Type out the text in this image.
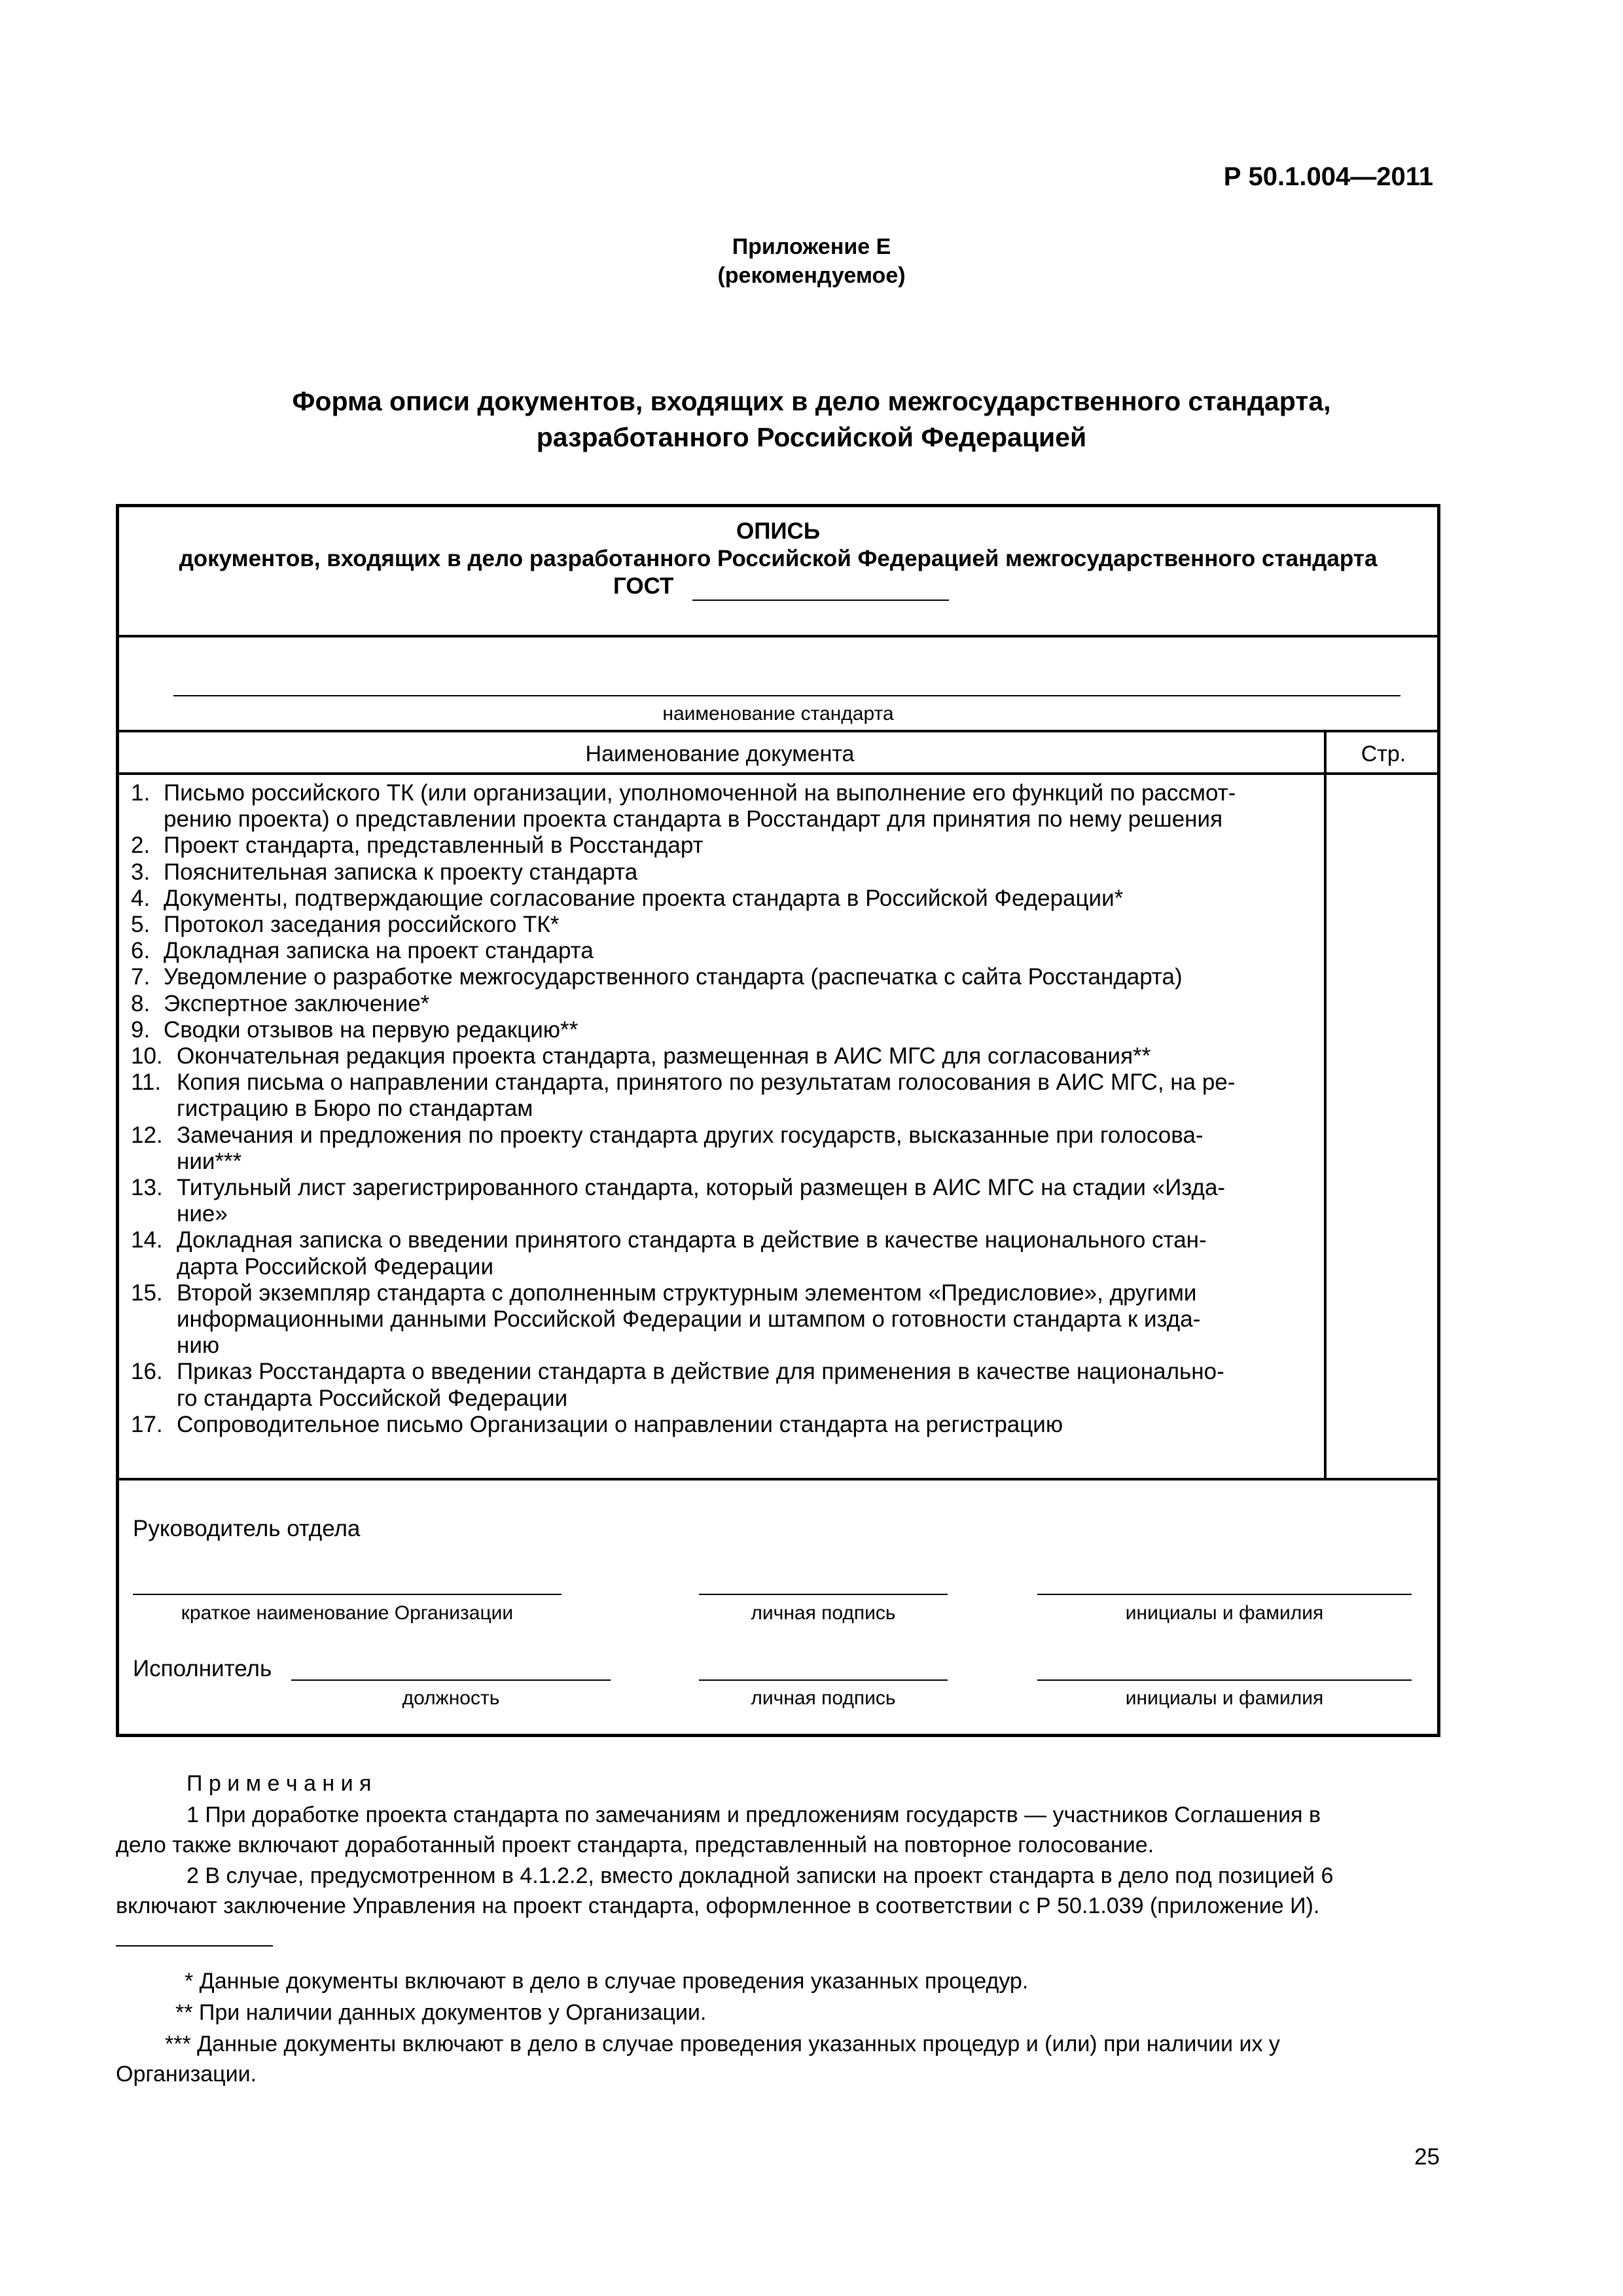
Р 50.1.004—2011
Приложение Е
(рекомендуемое)
Форма описи документов, входящих в дело межгосударственного стандарта,
разработанного Российской Федерацией
ОПИСЬ
документов, входящих в дело разработанного Российской Федерацией межгосударственного стандарта
ГОСТ
наименование стандарта
Наименование документа	Стр.
1. Письмо российского ТК (или организации, уполномоченной на выполнение его функций по рассмот-
рению проекта) о представлении проекта стандарта в Росстандарт для принятия по нему решения
2. Проект стандарта, представленный в Росстандарт
3. Пояснительная записка к проекту стандарта
4. Документы, подтверждающие согласование проекта стандарта в Российской Федерации*
5. Протокол заседания российского ТК*
6. Докладная записка на проект стандарта
7. Уведомление о разработке межгосударственного стандарта (распечатка с сайта Росстандарта)
8. Экспертное заключение*
9. Сводки отзывов на первую редакцию**
10. Окончательная редакция проекта стандарта, размещенная в АИС МГС для согласования**
11. Копия письма о направлении стандарта, принятого по результатам голосования в АИС МГС, на ре-
гистрацию в Бюро по стандартам
12. Замечания и предложения по проекту стандарта других государств, высказанные при голосова-
нии***
13. Титульный лист зарегистрированного стандарта, который размещен в АИС МГС на стадии «Изда-
ние»
14. Докладная записка о введении принятого стандарта в действие в качестве национального стан-
дарта Российской Федерации
15. Второй экземпляр стандарта с дополненным структурным элементом «Предисловие», другими
информационными данными Российской Федерации и штампом о готовности стандарта к изда-
нию
16. Приказ Росстандарта о введении стандарта в действие для применения в качестве национально-
го стандарта Российской Федерации
17. Сопроводительное письмо Организации о направлении стандарта на регистрацию
Руководитель отдела
краткое наименование Организации	личная подпись	инициалы и фамилия
Исполнитель
должность	личная подпись	инициалы и фамилия
П р и м е ч а н и я
1 При доработке проекта стандарта по замечаниям и предложениям государств — участников Соглашения в
дело также включают доработанный проект стандарта, представленный на повторное голосование.
2 В случае, предусмотренном в 4.1.2.2, вместо докладной записки на проект стандарта в дело под позицией 6
включают заключение Управления на проект стандарта, оформленное в соответствии с Р 50.1.039 (приложение И).
* Данные документы включают в дело в случае проведения указанных процедур.
** При наличии данных документов у Организации.
*** Данные документы включают в дело в случае проведения указанных процедур и (или) при наличии их у
Организации.
25
